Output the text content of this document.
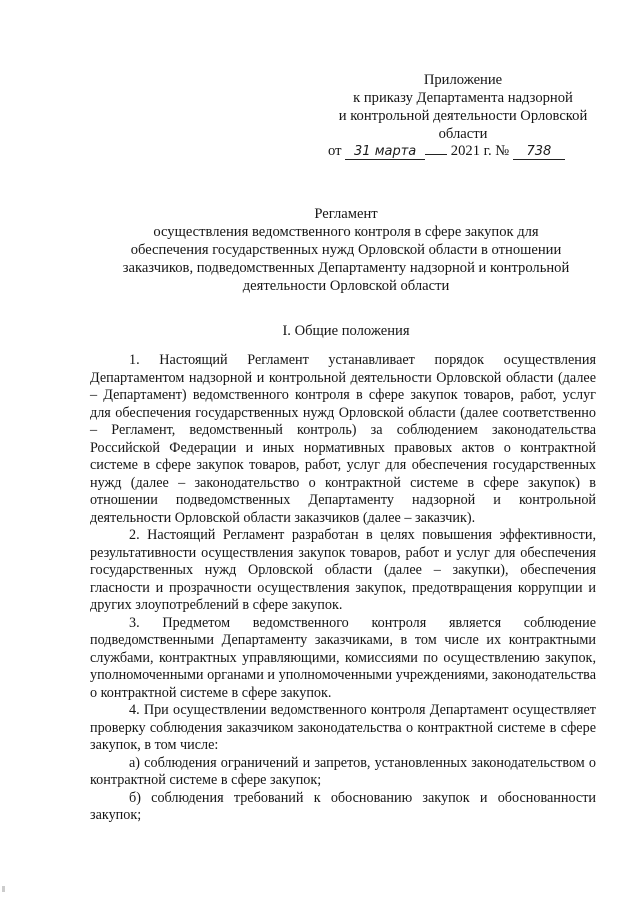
Приложение
к приказу Департамента надзорной
и контрольной деятельности Орловской
области
от 31 марта 2021 г. № 738
Регламент
осуществления ведомственного контроля в сфере закупок для
обеспечения государственных нужд Орловской области в отношении
заказчиков, подведомственных Департаменту надзорной и контрольной
деятельности Орловской области
I. Общие положения

1. Настоящий Регламент устанавливает порядок осуществления Департаментом надзорной и контрольной деятельности Орловской области (далее – Департамент) ведомственного контроля в сфере закупок товаров, работ, услуг для обеспечения государственных нужд Орловской области (далее соответственно – Регламент, ведомственный контроль) за соблюдением законодательства Российской Федерации и иных нормативных правовых актов о контрактной системе в сфере закупок товаров, работ, услуг для обеспечения государственных нужд (далее – законодательство о контрактной системе в сфере закупок) в отношении подведомственных Департаменту надзорной и контрольной деятельности Орловской области заказчиков (далее – заказчик).

2. Настоящий Регламент разработан в целях повышения эффективности, результативности осуществления закупок товаров, работ и услуг для обеспечения государственных нужд Орловской области (далее – закупки), обеспечения гласности и прозрачности осуществления закупок, предотвращения коррупции и других злоупотреблений в сфере закупок.

3. Предметом ведомственного контроля является соблюдение подведомственными Департаменту заказчиками, в том числе их контрактными службами, контрактных управляющими, комиссиями по осуществлению закупок, уполномоченными органами и уполномоченными учреждениями, законодательства о контрактной системе в сфере закупок.

4. При осуществлении ведомственного контроля Департамент осуществляет проверку соблюдения заказчиком законодательства о контрактной системе в сфере закупок, в том числе:

а) соблюдения ограничений и запретов, установленных законодательством о контрактной системе в сфере закупок;

б) соблюдения требований к обоснованию закупок и обоснованности закупок;
